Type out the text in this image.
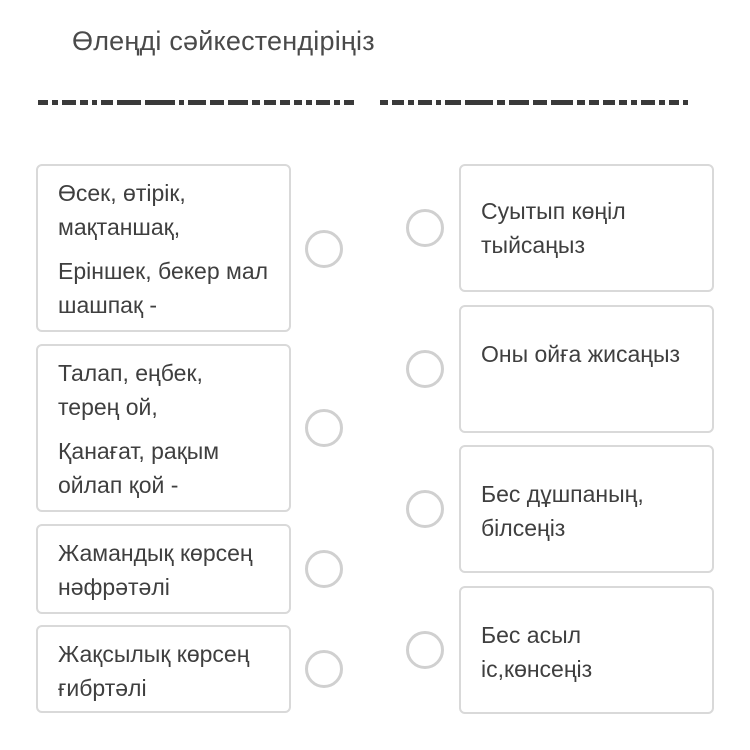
Өлеңді сәйкестендіріңіз

Өсек, өтірік, мақтаншақ,

Еріншек, бекер мал шашпақ -

Талап, еңбек, терең ой,

Қанағат, рақым ойлап қой -

Жамандық көрсең нәфрәтәлі

Жақсылық көрсең ғибртәлі

Суытып көңіл тыйсаңыз

Оны ойға жисаңыз

Бес дұшпаның, білсеңіз

Бес асыл іс,көнсеңіз
